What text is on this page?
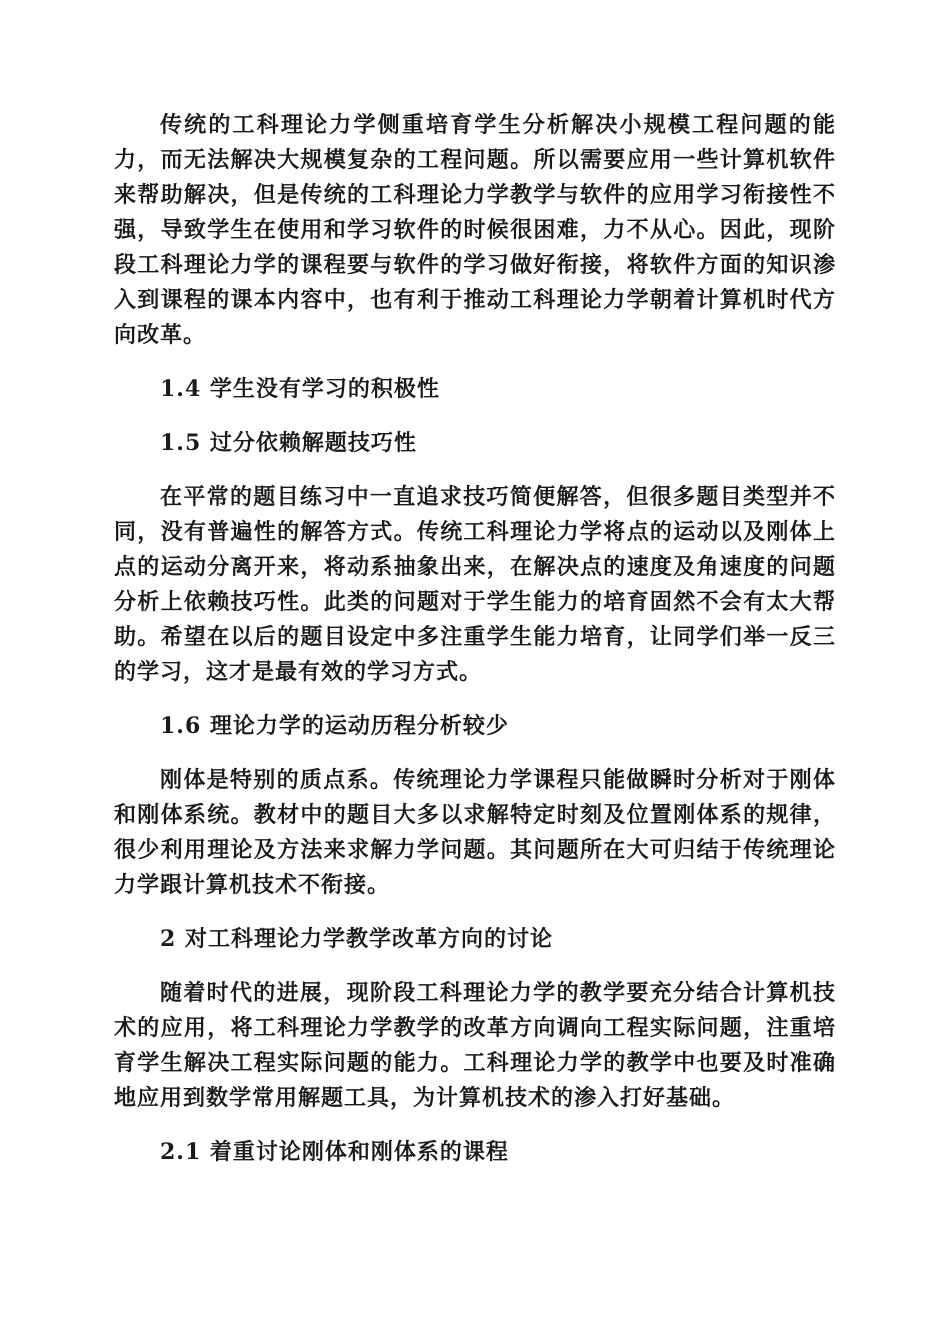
传统的工科理论力学侧重培育学生分析解决小规模工程问题的能力，而无法解决大规模复杂的工程问题。所以需要应用一些计算机软件来帮助解决，但是传统的工科理论力学教学与软件的应用学习衔接性不强，导致学生在使用和学习软件的时候很困难，力不从心。因此，现阶段工科理论力学的课程要与软件的学习做好衔接，将软件方面的知识渗入到课程的课本内容中，也有利于推动工科理论力学朝着计算机时代方向改革。

1.4 学生没有学习的积极性

1.5 过分依赖解题技巧性

在平常的题目练习中一直追求技巧简便解答，但很多题目类型并不同，没有普遍性的解答方式。传统工科理论力学将点的运动以及刚体上点的运动分离开来，将动系抽象出来，在解决点的速度及角速度的问题分析上依赖技巧性。此类的问题对于学生能力的培育固然不会有太大帮助。希望在以后的题目设定中多注重学生能力培育，让同学们举一反三的学习，这才是最有效的学习方式。

1.6 理论力学的运动历程分析较少

刚体是特别的质点系。传统理论力学课程只能做瞬时分析对于刚体和刚体系统。教材中的题目大多以求解特定时刻及位置刚体系的规律，很少利用理论及方法来求解力学问题。其问题所在大可归结于传统理论力学跟计算机技术不衔接。

2 对工科理论力学教学改革方向的讨论

随着时代的进展，现阶段工科理论力学的教学要充分结合计算机技术的应用，将工科理论力学教学的改革方向调向工程实际问题，注重培育学生解决工程实际问题的能力。工科理论力学的教学中也要及时准确地应用到数学常用解题工具，为计算机技术的渗入打好基础。

2.1 着重讨论刚体和刚体系的课程
